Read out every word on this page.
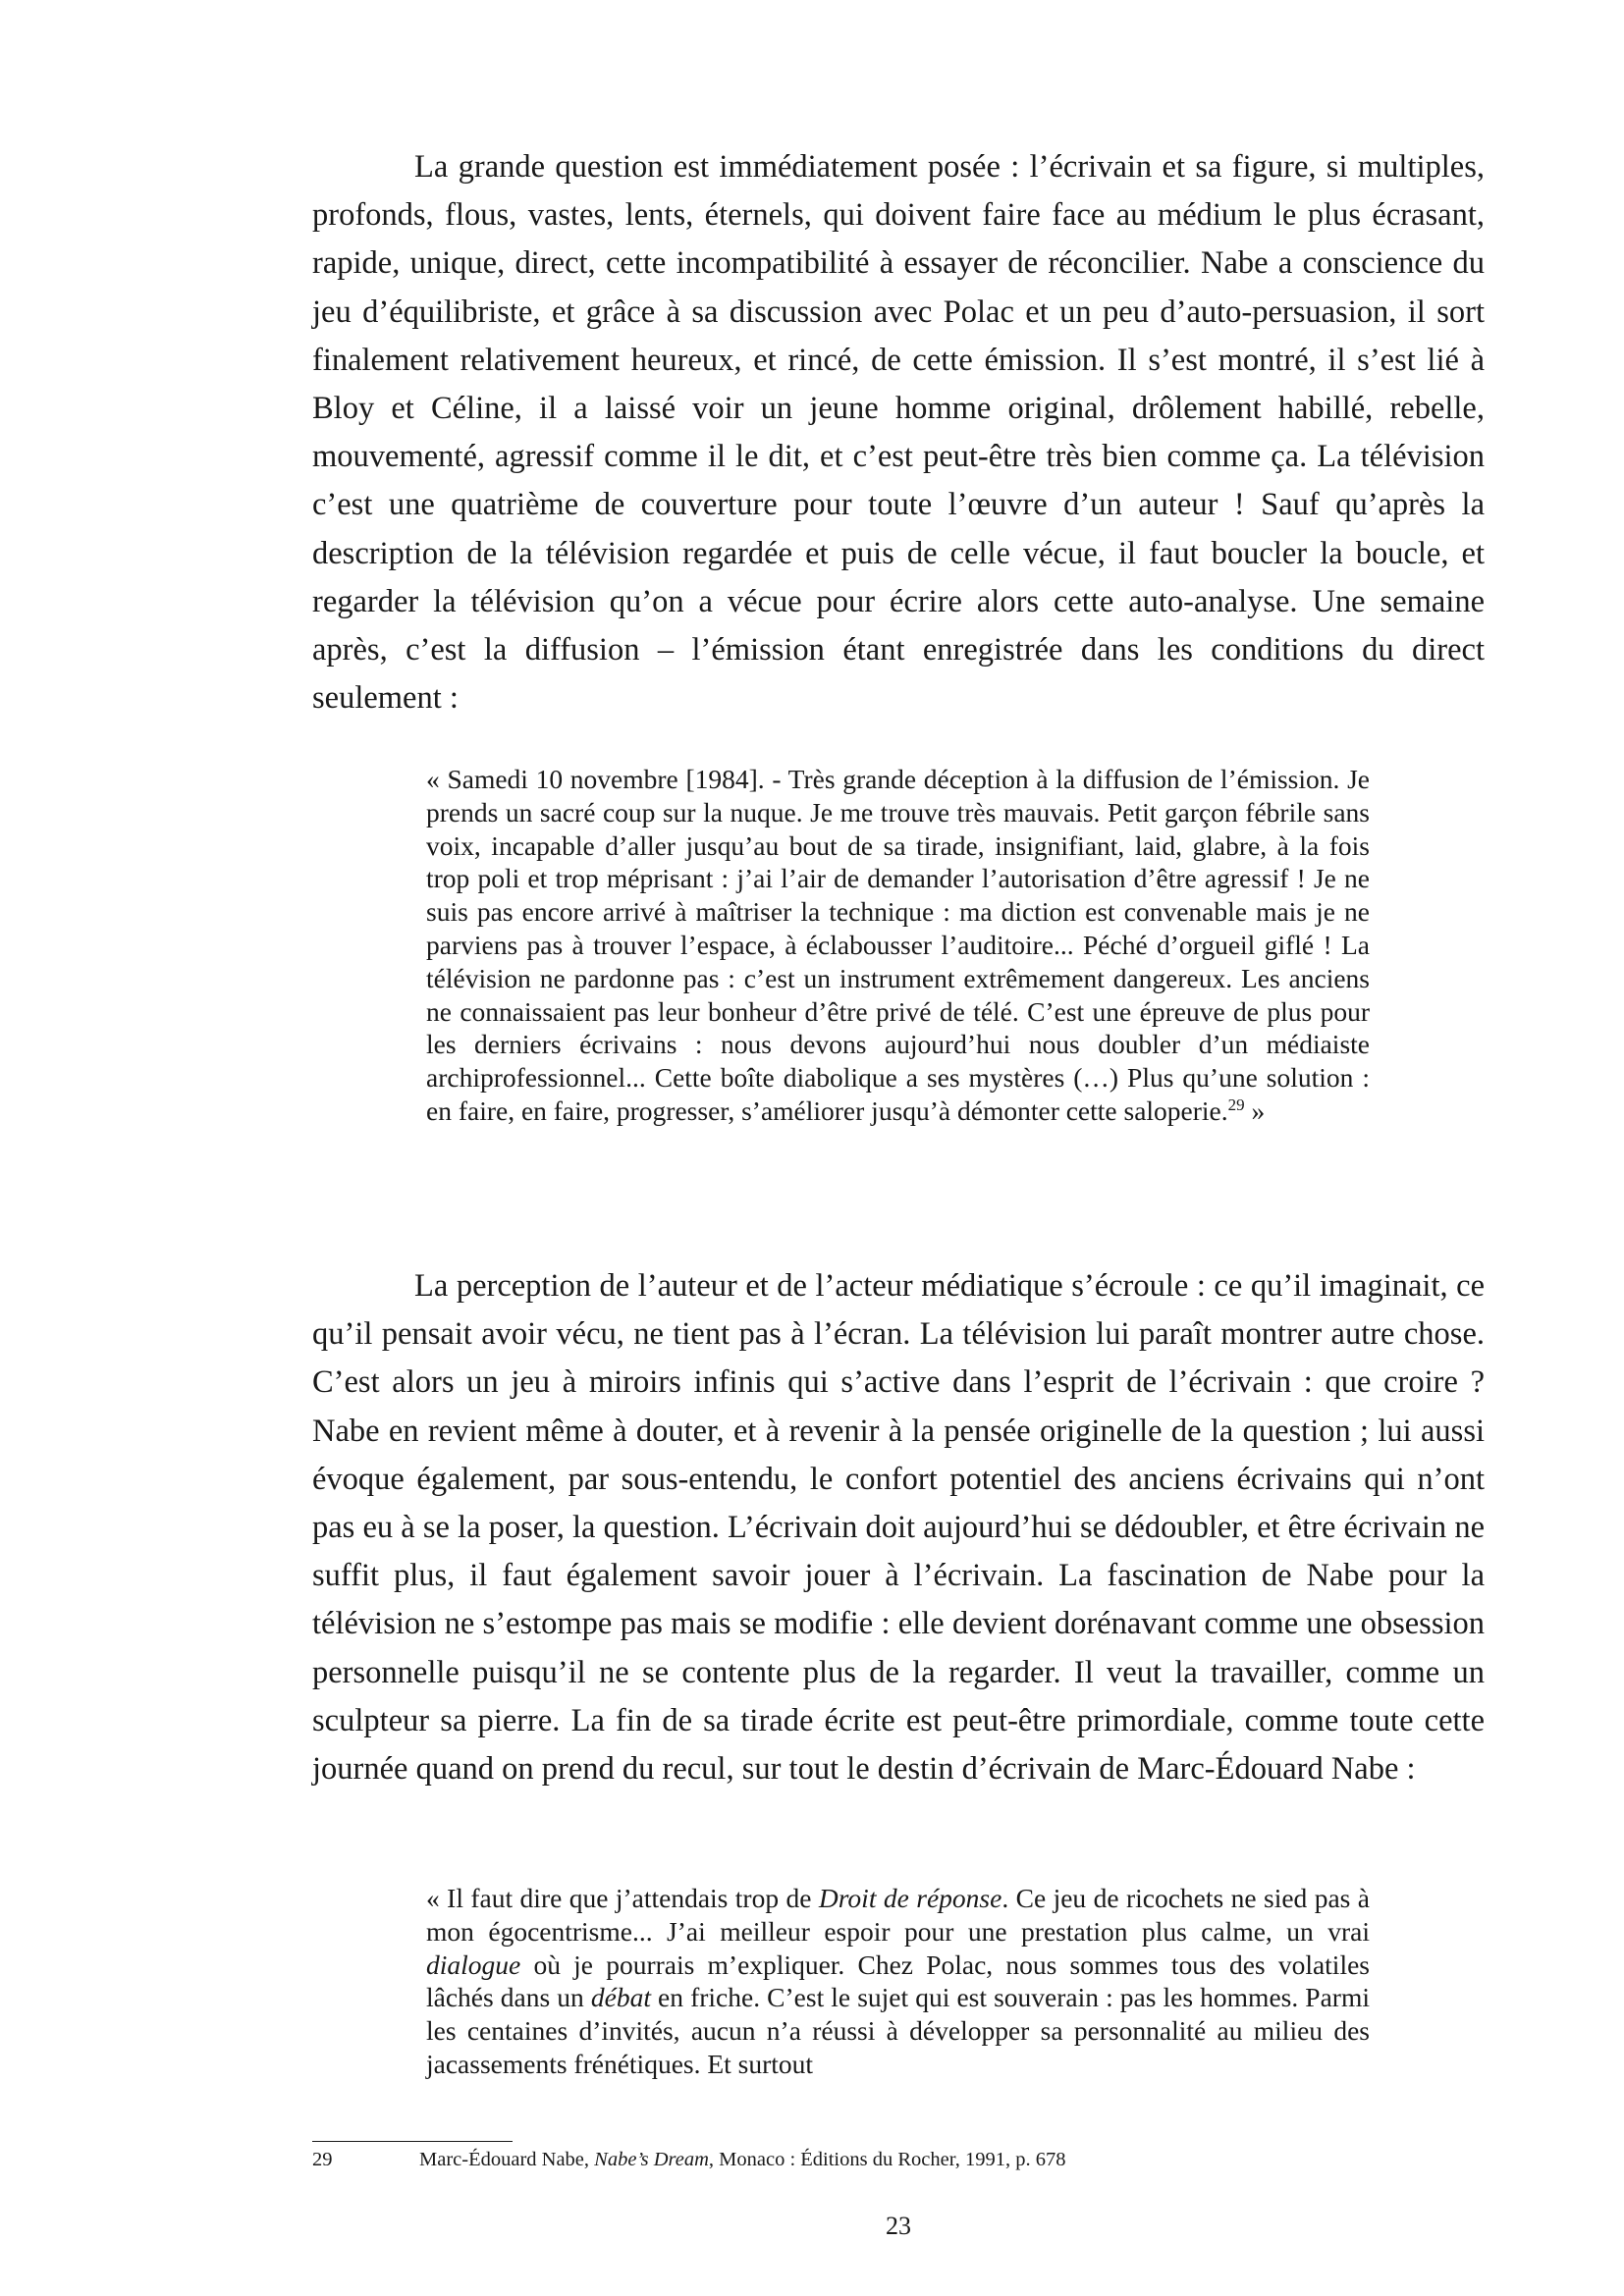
La grande question est immédiatement posée : l’écrivain et sa figure, si multiples, profonds, flous, vastes, lents, éternels, qui doivent faire face au médium le plus écrasant, rapide, unique, direct, cette incompatibilité à essayer de réconcilier. Nabe a conscience du jeu d’équilibriste, et grâce à sa discussion avec Polac et un peu d’auto-persuasion, il sort finalement relativement heureux, et rincé, de cette émission. Il s’est montré, il s’est lié à Bloy et Céline, il a laissé voir un jeune homme original, drôlement habillé, rebelle, mouvementé, agressif comme il le dit, et c’est peut-être très bien comme ça. La télévision c’est une quatrième de couverture pour toute l’œuvre d’un auteur ! Sauf qu’après la description de la télévision regardée et puis de celle vécue, il faut boucler la boucle, et regarder la télévision qu’on a vécue pour écrire alors cette auto-analyse. Une semaine après, c’est la diffusion – l’émission étant enregistrée dans les conditions du direct seulement :

« Samedi 10 novembre [1984]. - Très grande déception à la diffusion de l’émission. Je prends un sacré coup sur la nuque. Je me trouve très mauvais. Petit garçon fébrile sans voix, incapable d’aller jusqu’au bout de sa tirade, insignifiant, laid, glabre, à la fois trop poli et trop méprisant : j’ai l’air de demander l’autorisation d’être agressif ! Je ne suis pas encore arrivé à maîtriser la technique : ma diction est convenable mais je ne parviens pas à trouver l’espace, à éclabousser l’auditoire... Péché d’orgueil giflé ! La télévision ne pardonne pas : c’est un instrument extrêmement dangereux. Les anciens ne connaissaient pas leur bonheur d’être privé de télé. C’est une épreuve de plus pour les derniers écrivains : nous devons aujourd’hui nous doubler d’un médiaiste archiprofessionnel... Cette boîte diabolique a ses mystères (…) Plus qu’une solution : en faire, en faire, progresser, s’améliorer jusqu’à démonter cette saloperie.$^{29}$ »

La perception de l’auteur et de l’acteur médiatique s’écroule : ce qu’il imaginait, ce qu’il pensait avoir vécu, ne tient pas à l’écran. La télévision lui paraît montrer autre chose. C’est alors un jeu à miroirs infinis qui s’active dans l’esprit de l’écrivain : que croire ? Nabe en revient même à douter, et à revenir à la pensée originelle de la question ; lui aussi évoque également, par sous-entendu, le confort potentiel des anciens écrivains qui n’ont pas eu à se la poser, la question. L’écrivain doit aujourd’hui se dédoubler, et être écrivain ne suffit plus, il faut également savoir jouer à l’écrivain. La fascination de Nabe pour la télévision ne s’estompe pas mais se modifie : elle devient dorénavant comme une obsession personnelle puisqu’il ne se contente plus de la regarder. Il veut la travailler, comme un sculpteur sa pierre. La fin de sa tirade écrite est peut-être primordiale, comme toute cette journée quand on prend du recul, sur tout le destin d’écrivain de Marc-Édouard Nabe :

« Il faut dire que j’attendais trop de Droit de réponse. Ce jeu de ricochets ne sied pas à mon égocentrisme... J’ai meilleur espoir pour une prestation plus calme, un vrai dialogue où je pourrais m’expliquer. Chez Polac, nous sommes tous des volatiles lâchés dans un débat en friche. C’est le sujet qui est souverain : pas les hommes. Parmi les centaines d’invités, aucun n’a réussi à développer sa personnalité au milieu des jacassements frénétiques. Et surtout
29	Marc-Édouard Nabe, Nabe’s Dream, Monaco : Éditions du Rocher, 1991, p. 678
23
